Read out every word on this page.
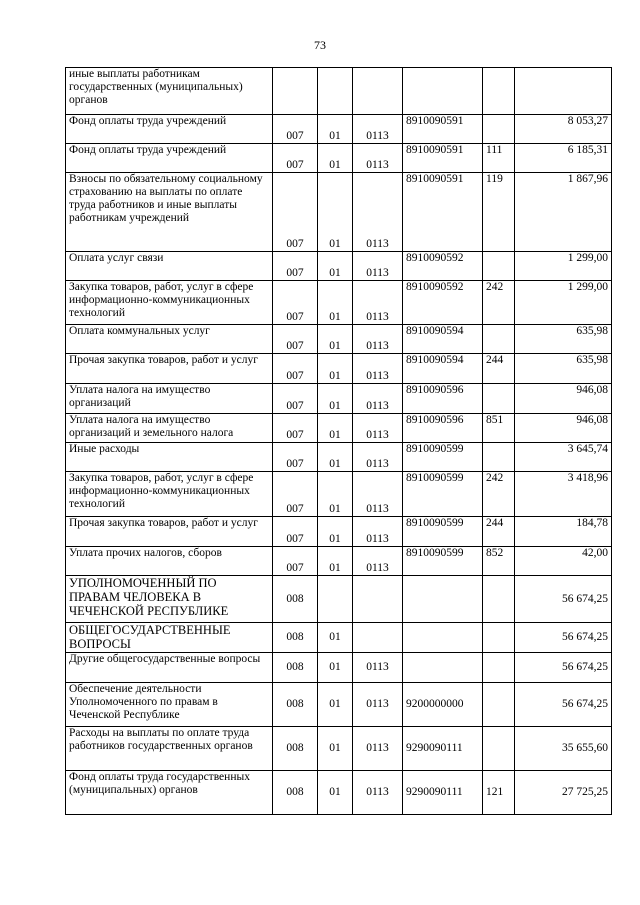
73
иные выплаты работникам государственных (муниципальных) органов						
Фонд оплаты труда учреждений	007	01	0113	8910090591		8 053,27
Фонд оплаты труда учреждений	007	01	0113	8910090591	111	6 185,31
Взносы по обязательному социальному страхованию на выплаты по оплате труда работников и иные выплаты работникам учреждений	007	01	0113	8910090591	119	1 867,96
Оплата услуг связи	007	01	0113	8910090592		1 299,00
Закупка товаров, работ, услуг в сфере информационно-коммуникационных технологий	007	01	0113	8910090592	242	1 299,00
Оплата коммунальных услуг	007	01	0113	8910090594		635,98
Прочая закупка товаров, работ и услуг	007	01	0113	8910090594	244	635,98
Уплата налога на имущество организаций	007	01	0113	8910090596		946,08
Уплата налога на имущество организаций и земельного налога	007	01	0113	8910090596	851	946,08
Иные расходы	007	01	0113	8910090599		3 645,74
Закупка товаров, работ, услуг в сфере информационно-коммуникационных технологий	007	01	0113	8910090599	242	3 418,96
Прочая закупка товаров, работ и услуг	007	01	0113	8910090599	244	184,78
Уплата прочих налогов, сборов	007	01	0113	8910090599	852	42,00
УПОЛНОМОЧЕННЫЙ ПО ПРАВАМ ЧЕЛОВЕКА В ЧЕЧЕНСКОЙ РЕСПУБЛИКЕ	008					56 674,25
ОБЩЕГОСУДАРСТВЕННЫЕ ВОПРОСЫ	008	01				56 674,25
Другие общегосударственные вопросы	008	01	0113			56 674,25
Обеспечение деятельности Уполномоченного по правам в Чеченской Республике	008	01	0113	9200000000		56 674,25
Расходы на выплаты по оплате труда работников государственных органов	008	01	0113	9290090111		35 655,60
Фонд оплаты труда государственных (муниципальных) органов	008	01	0113	9290090111	121	27 725,25
